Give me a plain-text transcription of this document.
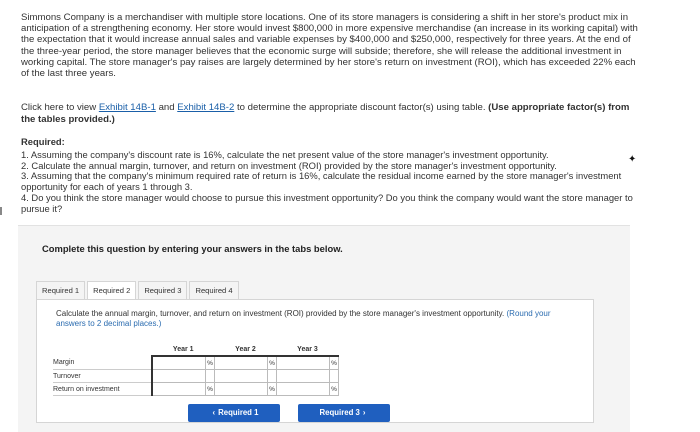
Simmons Company is a merchandiser with multiple store locations. One of its store managers is considering a shift in her store's product mix in anticipation of a strengthening economy. Her store would invest $800,000 in more expensive merchandise (an increase in its working capital) with the expectation that it would increase annual sales and variable expenses by $400,000 and $250,000, respectively for three years. At the end of the three-year period, the store manager believes that the economic surge will subside; therefore, she will release the additional investment in working capital. The store manager's pay raises are largely determined by her store's return on investment (ROI), which has exceeded 22% each of the last three years.
Click here to view Exhibit 14B-1 and Exhibit 14B-2 to determine the appropriate discount factor(s) using table. (Use appropriate factor(s) from the tables provided.)
Required:
1. Assuming the company's discount rate is 16%, calculate the net present value of the store manager's investment opportunity.
2. Calculate the annual margin, turnover, and return on investment (ROI) provided by the store manager's investment opportunity.
3. Assuming that the company's minimum required rate of return is 16%, calculate the residual income earned by the store manager's investment opportunity for each of years 1 through 3.
4. Do you think the store manager would choose to pursue this investment opportunity? Do you think the company would want the store manager to pursue it?
✦
Complete this question by entering your answers in the tabs below.
Required 1	Required 2	Required 3	Required 4
Calculate the annual margin, turnover, and return on investment (ROI) provided by the store manager's investment opportunity. (Round your answers to 2 decimal places.)
	Year 1		Year 2		Year 3	
Margin		%		%		%
Turnover						
Return on investment		%		%		%
‹ Required 1	Required 3 ›
